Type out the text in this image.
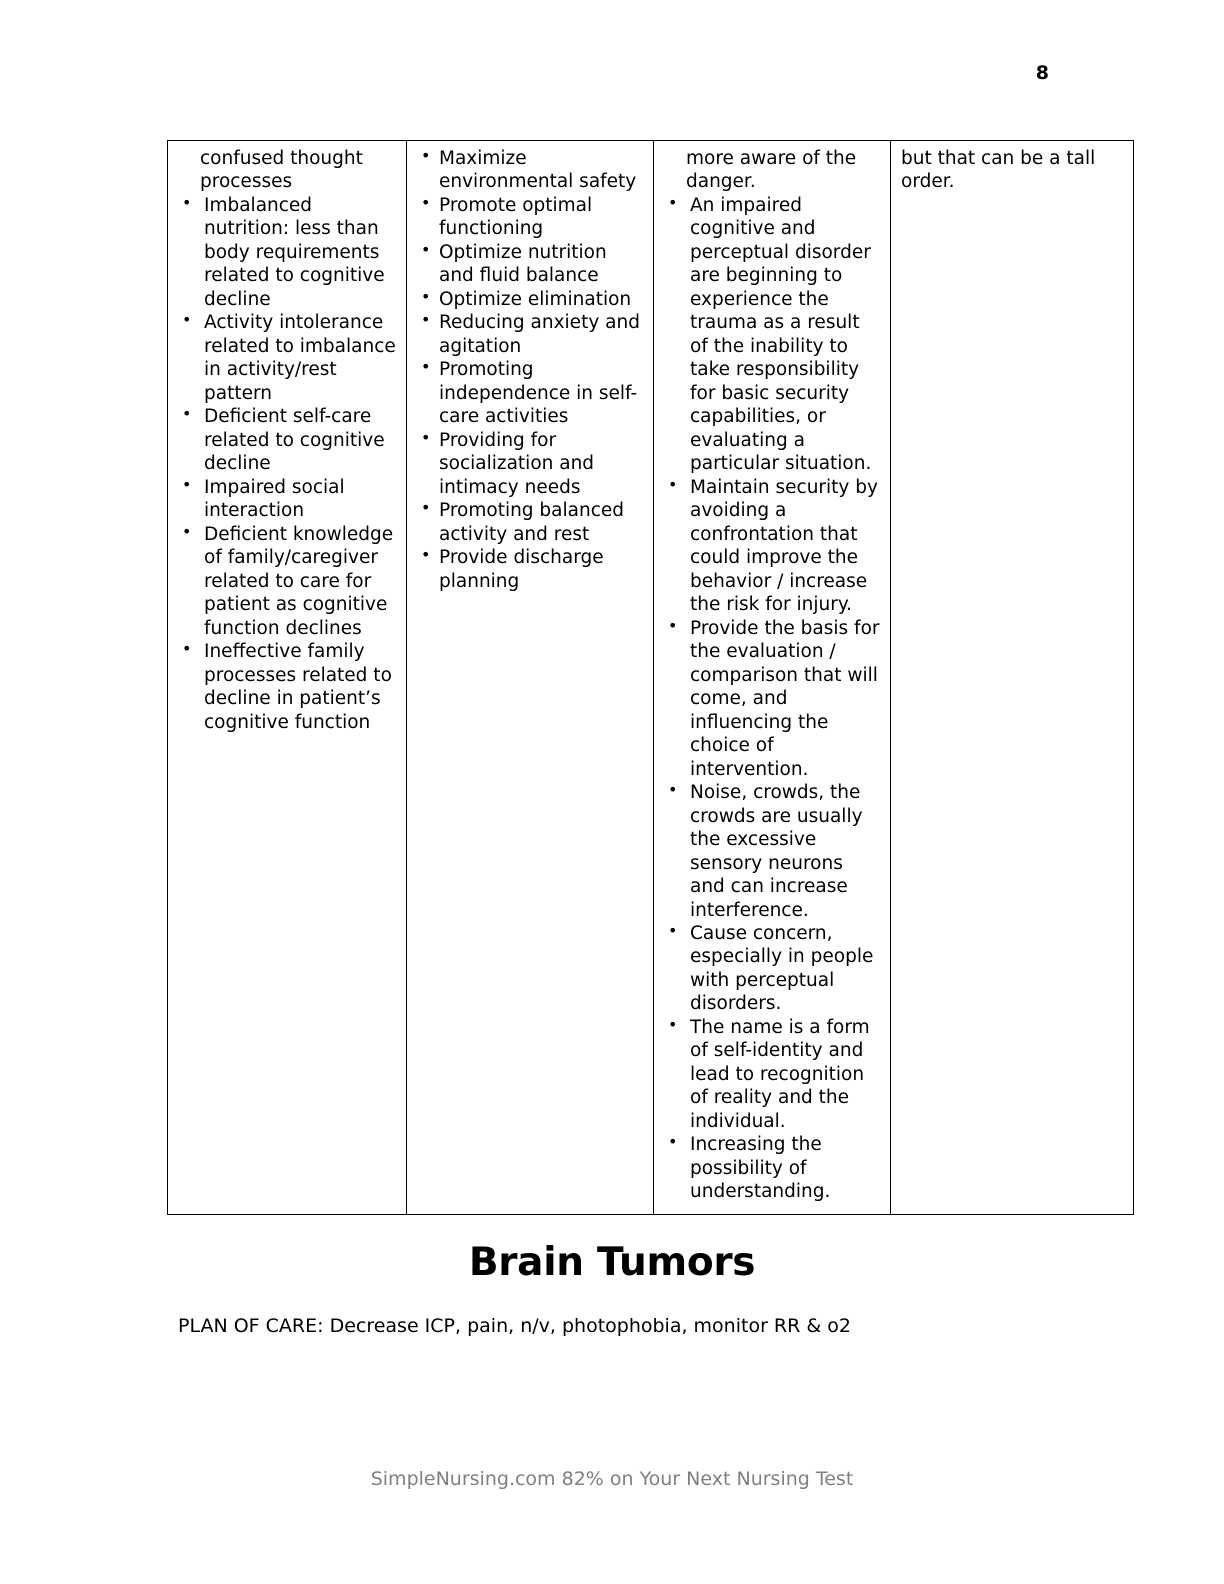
8

confused thought processes

• Imbalanced nutrition: less than body requirements related to cognitive decline
• Activity intolerance related to imbalance in activity/rest pattern
• Deficient self-care related to cognitive decline
• Impaired social interaction
• Deficient knowledge of family/caregiver related to care for patient as cognitive function declines
• Ineffective family processes related to decline in patient’s cognitive function

• Maximize environmental safety
• Promote optimal functioning
• Optimize nutrition and fluid balance
• Optimize elimination
• Reducing anxiety and agitation
• Promoting independence in self-care activities
• Providing for socialization and intimacy needs
• Promoting balanced activity and rest
• Provide discharge planning

more aware of the danger.

• An impaired cognitive and perceptual disorder are beginning to experience the trauma as a result of the inability to take responsibility for basic security capabilities, or evaluating a particular situation.
• Maintain security by avoiding a confrontation that could improve the behavior / increase the risk for injury.
• Provide the basis for the evaluation / comparison that will come, and influencing the choice of intervention.
• Noise, crowds, the crowds are usually the excessive sensory neurons and can increase interference.
• Cause concern, especially in people with perceptual disorders.
• The name is a form of self-identity and lead to recognition of reality and the individual.
• Increasing the possibility of understanding.

but that can be a tall order.

Brain Tumors
PLAN OF CARE: Decrease ICP, pain, n/v, photophobia, monitor RR & o2
SimpleNursing.com 82% on Your Next Nursing Test
